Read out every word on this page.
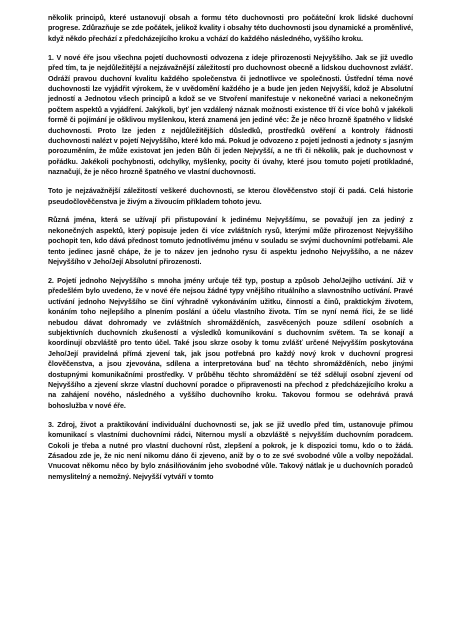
několik principů, které ustanovují obsah a formu této duchovnosti pro počáteční krok lidské duchovní progrese. Zdůrazňuje se zde počátek, jelikož kvality i obsahy této duchovnosti jsou dynamické a proměnlivé, když někdo přechází z předcházejícího kroku a vchází do každého následného, vyššího kroku.

1. V nové éře jsou všechna pojetí duchovnosti odvozena z ideje přirozenosti Nejvyššího. Jak se již uvedlo před tím, ta je nejdůležitější a nejzávažnější záležitostí pro duchovnost obecně a lidskou duchovnost zvlášť. Odráží pravou duchovní kvalitu každého společenstva či jednotlivce ve společnosti. Ústřední téma nové duchovnosti lze vyjádřit výrokem, že v uvědomění každého je a bude jen jeden Nejvyšší, kdož je Absolutní jedností a Jednotou všech principů a kdož se ve Stvoření manifestuje v nekonečné variaci a nekonečným počtem aspektů a vyjádření. Jakýkoli, byť jen vzdálený náznak možnosti existence tří či více bohů v jakékoli formě či pojímání je ošklivou myšlenkou, která znamená jen jediné věc: Že je něco hrozně špatného v lidské duchovnosti. Proto lze jeden z nejdůležitějších důsledků, prostředků ověření a kontroly řádnosti duchovnosti nalézt v pojetí Nejvyššího, které kdo má. Pokud je odvozeno z pojetí jednosti a jednoty s jasným porozuměním, že může existovat jen jeden Bůh či jeden Nejvyšší, a ne tři či několik, pak je duchovnost v pořádku. Jakékoli pochybnosti, odchylky, myšlenky, pocity či úvahy, které jsou tomuto pojetí protikladné, naznačují, že je něco hrozně špatného ve vlastní duchovnosti.

Toto je nejzávažnější záležitostí veškeré duchovnosti, se kterou člověčenstvo stojí či padá. Celá historie pseudočlověčenstva je živým a živoucím příkladem tohoto jevu.

Různá jména, která se užívají při přistupování k jedinému Nejvyššímu, se považují jen za jediný z nekonečných aspektů, který popisuje jeden či více zvláštních rysů, kterými může přirozenost Nejvyššího pochopit ten, kdo dává přednost tomuto jednotlivému jménu v souladu se svými duchovními potřebami. Ale tento jedinec jasně chápe, že je to název jen jednoho rysu či aspektu jednoho Nejvyššího, a ne název Nejvyššího v Jeho/Její Absolutní přirozenosti.

2. Pojetí jednoho Nejvyššího s mnoha jmény určuje též typ, postup a způsob Jeho/Jejího uctívání. Již v předešlém bylo uvedeno, že v nové éře nejsou žádné typy vnějšího rituálního a slavnostního uctívání. Pravé uctívání jednoho Nejvyššího se činí výhradně vykonáváním užitku, činností a činů, praktickým životem, konáním toho nejlepšího a plnením poslání a účelu vlastního života. Tím se nyní nemá říci, že se lidé nebudou dávat dohromady ve zvláštních shromážděních, zasvěcených pouze sdílení osobních a subjektivních duchovních zkušeností a výsledků komunikování s duchovním světem. Ta se konají a koordinují obzvláště pro tento účel. Také jsou skrze osoby k tomu zvlášť určené Nejvyšším poskytována Jeho/Její pravidelná přímá zjevení tak, jak jsou potřebná pro každý nový krok v duchovní progresi člověčenstva, a jsou zjevována, sdílena a interpretována buď na těchto shromážděních, nebo jinými dostupnými komunikačními prostředky. V průběhu těchto shromáždění se též sdělují osobní zjevení od Nejvyššího a zjevení skrze vlastní duchovní poradce o připravenosti na přechod z předcházejícího kroku a na zahájení nového, následného a vyššího duchovního kroku. Takovou formou se odehrává pravá bohoslužba v nové éře.

3. Zdroj, život a praktikování individuální duchovnosti se, jak se již uvedlo před tím, ustanovuje přímou komunikací s vlastními duchovními rádci, Niternou myslí a obzvláště s nejvyšším duchovním poradcem. Cokoli je třeba a nutné pro vlastní duchovní růst, zlepšení a pokrok, je k dispozici tomu, kdo o to žádá. Zásadou zde je, že nic není nikomu dáno či zjeveno, aniž by o to ze své svobodné vůle a volby nepožádal. Vnucovat někomu něco by bylo znásilňováním jeho svobodné vůle. Takový nátlak je u duchovních poradců nemyslitelný a nemožný. Nejvyšší vytváří v tomto
